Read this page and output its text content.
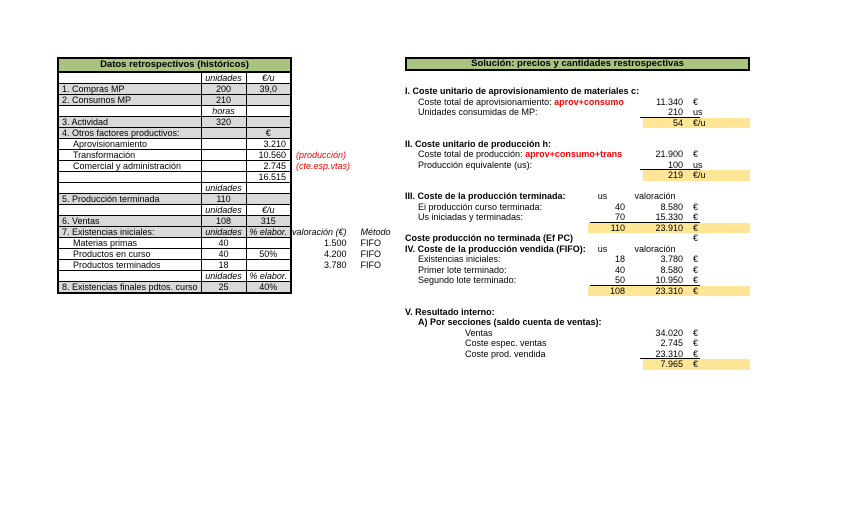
Datos retrospectivos (históricos)				
	unidades	€/u		
1. Compras MP	200	39,0		
2. Consumos MP	210			
	horas			
3. Actividad	320			
4. Otros factores productivos:		€		
Aprovisionamiento		3.210		
Transformación		10.560	(producción)	
Comercial y administración		2.745	(cte.esp.vtas)	
		16.515		
	unidades			
5. Producción terminada	110			
	unidades	€/u		
6. Ventas	108	315		
7. Existencias iniciales:	unidades	% elabor.	valoración (€)	Método
Materias primas	40		1.500	FIFO
Productos en curso	40	50%	4.200	FIFO
Productos terminados	18		3.780	FIFO
	unidades	% elabor.		
8. Existencias finales pdtos. curso	25	40%		
Solución: precios y cantidades restrospectivas
I. Coste unitario de aprovisionamiento de materiales c:
Coste total de aprovisionamiento: aprov+consumo	11.340 €
Unidades consumidas de MP:	210 us
54 €/u
II. Coste unitario de producción h:
Coste total de producción: aprov+consumo+trans	21.900 €
Producción equivalente (us):	100 us
219 €/u
III. Coste de la producción terminada:	us	valoración
Ei producción curso terminada:	40	8.580 €
Us iniciadas y terminadas:	70	15.330 €
110	23.910 €
Coste producción no terminada (Ef PC)	€
IV. Coste de la producción vendida (FIFO):	us	valoración
Existencias iniciales:	18	3.780 €
Primer lote terminado:	40	8.580 €
Segundo lote terminado:	50	10.950 €
108	23.310 €
V. Resultado interno:
A) Por secciones (saldo cuenta de ventas):
Ventas	34.020 €
Coste espec. ventas	2.745 €
Coste prod. vendida	23.310 €
7.965 €
